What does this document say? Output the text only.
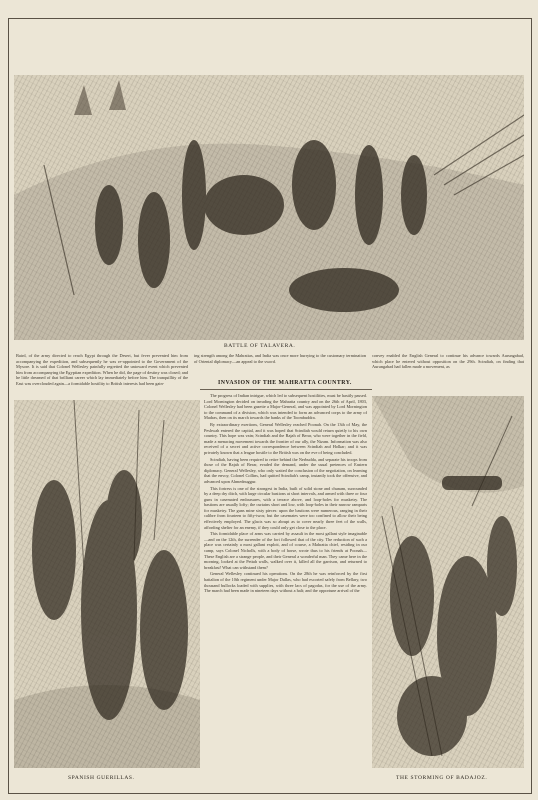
BATTLE OF TALAVERA.
Baird, of the army directed to reach Egypt through the Desert, but fever prevented him from accompanying the expedition, and subsequently he was re-appointed to the Government of the Mysore. It is said that Colonel Wellesley painfully regretted the untoward event which prevented him from accompanying the Egyptian expedition. When he did, the page of destiny was closed; and he little dreamed of that brilliant career which lay immediately before him. The tranquillity of the East was overclouded again—a formidable hostility to British interests had been gain-
ing strength among the Mahrattas, and India was once more hurrying to the customary termination of Oriental diplomacy—an appeal to the sword.
convey enabled the English General to continue his advance towards Aurungabad, which place he entered without opposition on the 29th. Scindiah, on finding that Aurungabad had fallen made a movement, as
INVASION OF THE MAHRATTA COUNTRY.
SPANISH GUERILLAS.

The progress of Indian intrigue, which led to subsequent hostilities, must be hastily passed. Lord Mornington decided on invading the Mahratta country and on the 26th of April, 1803, Colonel Wellesley had been gazette a Major-General, and was appointed by Lord Mornington to the command of a division, which was intended to form an advanced corps to the army of Madras, then on its march towards the banks of the Toombuddra.

By extraordinary exertions, General Wellesley reached Poonah. On the 13th of May, the Peshwah entered the capital, and it was hoped that Scindiah would return quietly to his own country. This hope was vain; Scindiah and the Rajah of Berar, who were together in the field, made a menacing movement towards the frontier of our ally, the Nizam. Information was also received of a secret and active correspondence between Scindiah and Holkar; and it was privately known that a league hostile to the British was on the eve of being concluded.

Scindiah, having been required to retire behind the Nerbudda, and separate his troops from those of the Rajah of Berar, evaded the demand, under the usual pretences of Eastern diplomacy. General Wellesley, who only waited the conclusion of the negotiation, on learning that the envoy, Colonel Collins, had quitted Scindiah's camp, instantly took the offensive, and advanced upon Ahmednuggur.

This fortress is one of the strongest in India, built of solid stone and chunam, surrounded by a deep dry ditch, with large circular bastions at short intervals, and armed with three or four guns in casemated embrasures, with a terrace above, and loop-holes for musketry. The bastions are usually lofty; the curtains short and low, with loop-holes in their narrow ramparts for musketry. The guns mine sixty pieces: upon the bastions were numerous, ranging in their calibre from fourteen to fifty-twos; but the casemates were too confined to allow their being effectively employed. The glacis was so abrupt as to cover nearly three feet of the walls, affording shelter for an enemy, if they could only get close to the place.

This formidable place of arms was carried by assault in the most gallant style imaginable—and on the 12th, the surrender of the fort followed that of the city. The reduction of such a place was certainly a most gallant exploit, and of course, a Mahratta chief, residing in our camp, says Colonel Nicholls, with a body of horse, wrote thus to his friends at Poonah—These English are a strange people, and their General a wonderful man. They came here in the morning, looked at the Pettah walls, walked over it, killed all the garrison, and returned to breakfast! What can withstand them?

General Wellesley continued his operations. On the 28th he was reinforced by the first battalion of the 10th regiment under Major Dallas, who had escorted safely from Bellary, two thousand bullocks loaded with supplies, with three lacs of pagodas, for the use of the army. The march had been made in nineteen days without a halt; and the opportune arrival of the

THE STORMING OF BADAJOZ.
